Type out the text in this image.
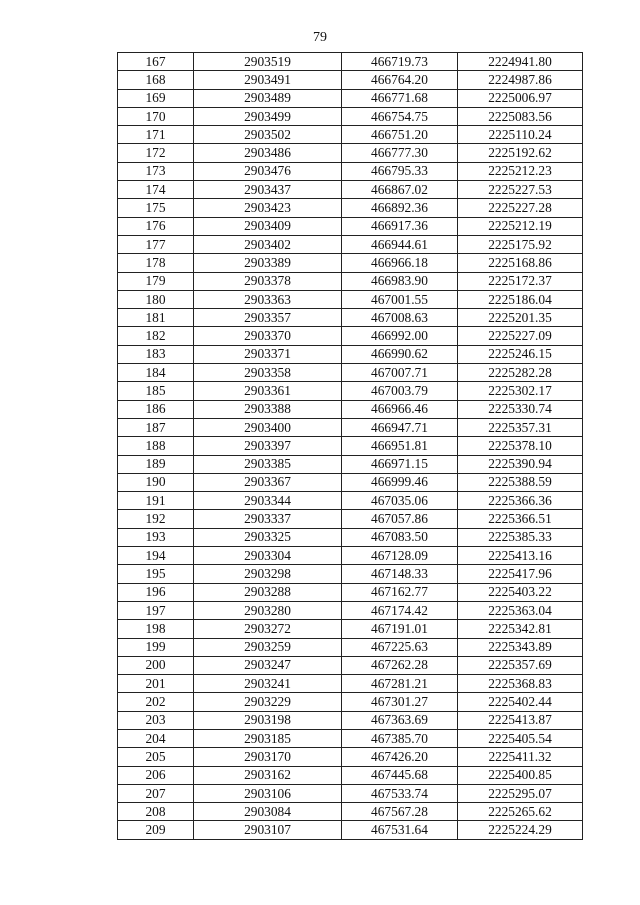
79
167	2903519	466719.73	2224941.80
168	2903491	466764.20	2224987.86
169	2903489	466771.68	2225006.97
170	2903499	466754.75	2225083.56
171	2903502	466751.20	2225110.24
172	2903486	466777.30	2225192.62
173	2903476	466795.33	2225212.23
174	2903437	466867.02	2225227.53
175	2903423	466892.36	2225227.28
176	2903409	466917.36	2225212.19
177	2903402	466944.61	2225175.92
178	2903389	466966.18	2225168.86
179	2903378	466983.90	2225172.37
180	2903363	467001.55	2225186.04
181	2903357	467008.63	2225201.35
182	2903370	466992.00	2225227.09
183	2903371	466990.62	2225246.15
184	2903358	467007.71	2225282.28
185	2903361	467003.79	2225302.17
186	2903388	466966.46	2225330.74
187	2903400	466947.71	2225357.31
188	2903397	466951.81	2225378.10
189	2903385	466971.15	2225390.94
190	2903367	466999.46	2225388.59
191	2903344	467035.06	2225366.36
192	2903337	467057.86	2225366.51
193	2903325	467083.50	2225385.33
194	2903304	467128.09	2225413.16
195	2903298	467148.33	2225417.96
196	2903288	467162.77	2225403.22
197	2903280	467174.42	2225363.04
198	2903272	467191.01	2225342.81
199	2903259	467225.63	2225343.89
200	2903247	467262.28	2225357.69
201	2903241	467281.21	2225368.83
202	2903229	467301.27	2225402.44
203	2903198	467363.69	2225413.87
204	2903185	467385.70	2225405.54
205	2903170	467426.20	2225411.32
206	2903162	467445.68	2225400.85
207	2903106	467533.74	2225295.07
208	2903084	467567.28	2225265.62
209	2903107	467531.64	2225224.29
